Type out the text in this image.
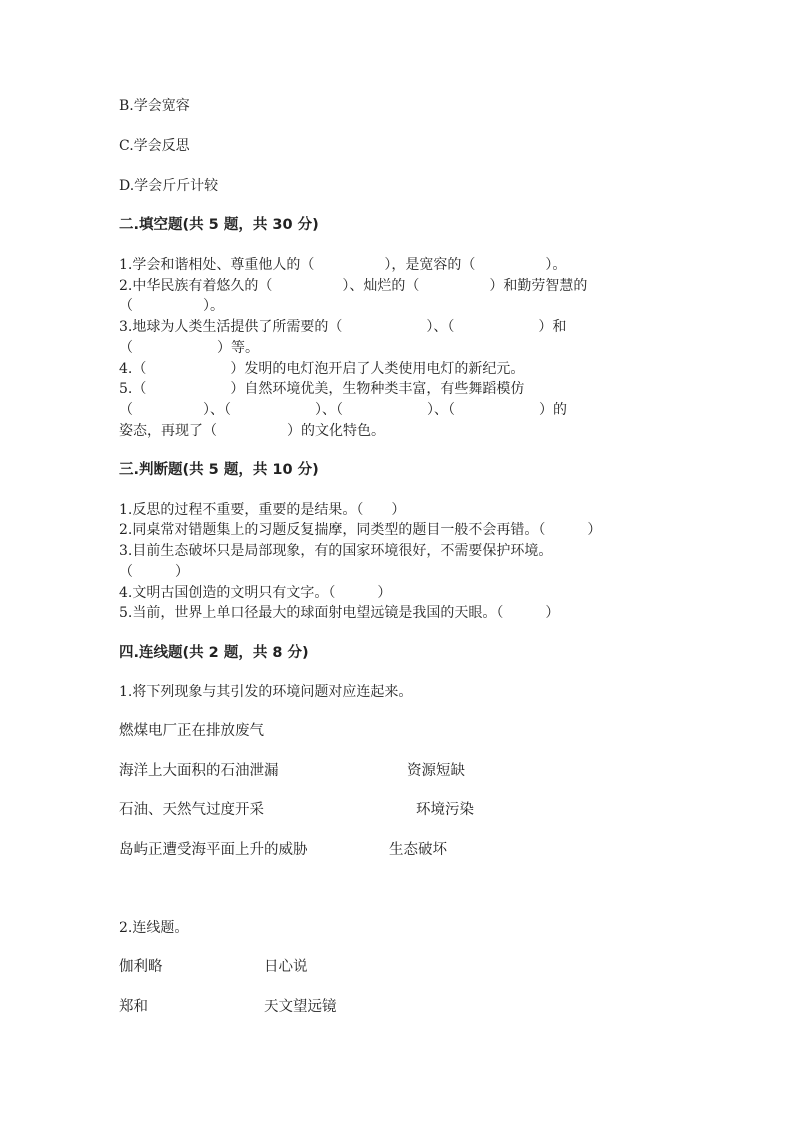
B.学会宽容

C.学会反思

D.学会斤斤计较

二.填空题(共 5 题，共 30 分)

1.学会和谐相处、尊重他人的（　　　　　），是宽容的（　　　　　）。

2.中华民族有着悠久的（　　　　　）、灿烂的（　　　　　）和勤劳智慧的

（　　　　　）。

3.地球为人类生活提供了所需要的（　　　　　　）、（　　　　　　）和

（　　　　　　）等。

4.（　　　　　　）发明的电灯泡开启了人类使用电灯的新纪元。

5.（　　　　　　）自然环境优美，生物种类丰富，有些舞蹈模仿

（　　　　　）、（　　　　　　）、（　　　　　　）、（　　　　　　）的

姿态，再现了（　　　　　）的文化特色。

三.判断题(共 5 题，共 10 分)

1.反思的过程不重要，重要的是结果。（　　）

2.同桌常对错题集上的习题反复揣摩，同类型的题目一般不会再错。（　　　）

3.目前生态破坏只是局部现象，有的国家环境很好，不需要保护环境。

（　　　）

4.文明古国创造的文明只有文字。（　　　）

5.当前，世界上单口径最大的球面射电望远镜是我国的天眼。（　　　）

四.连线题(共 2 题，共 8 分)

1.将下列现象与其引发的环境问题对应连起来。

燃煤电厂正在排放废气
海洋上大面积的石油泄漏	资源短缺
石油、天然气过度开采	环境污染
岛屿正遭受海平面上升的威胁	生态破坏

2.连线题。

伽利略	日心说
郑和	天文望远镜
